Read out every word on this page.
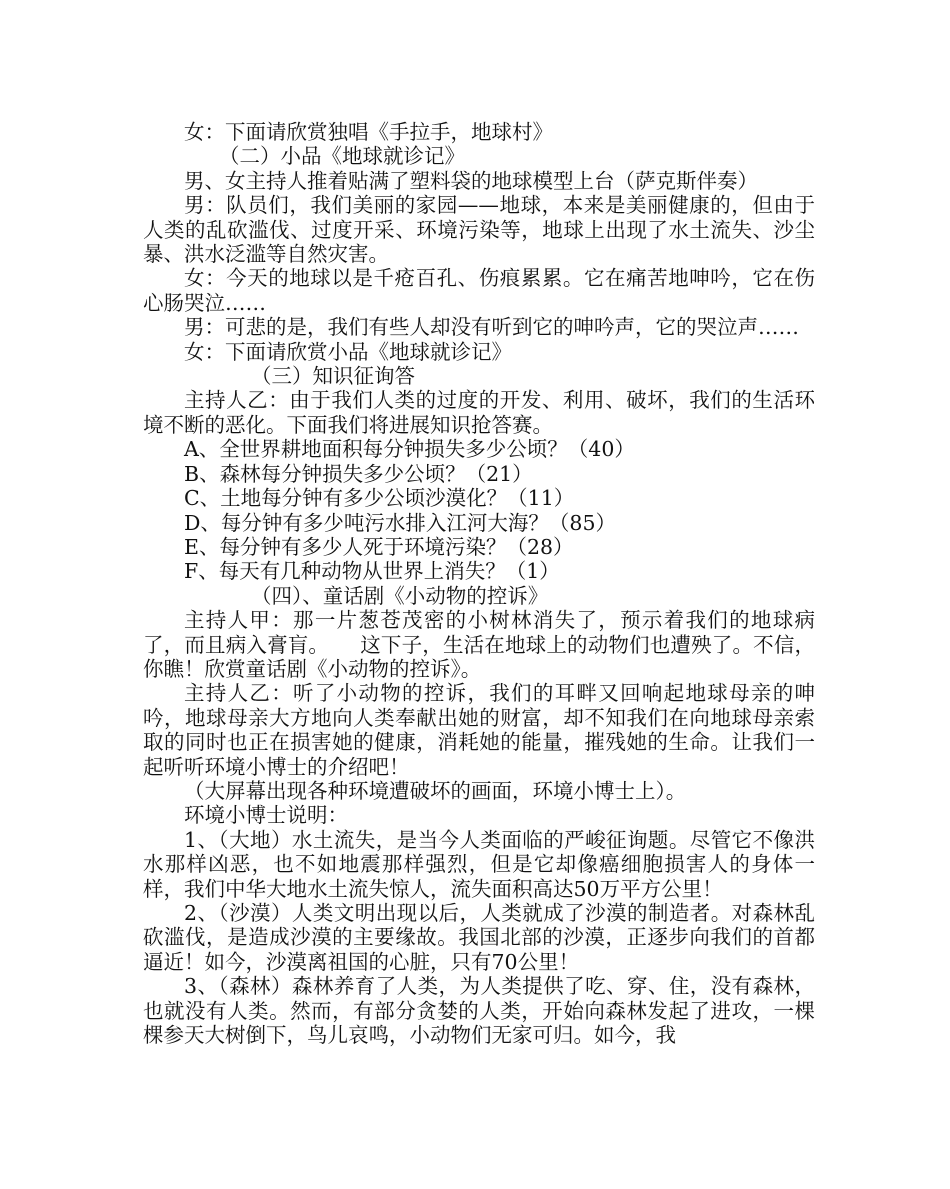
女：下面请欣赏独唱《手拉手，地球村》

（二）小品《地球就诊记》

男、女主持人推着贴满了塑料袋的地球模型上台（萨克斯伴奏）

男：队员们，我们美丽的家园——地球，本来是美丽健康的，但由于人类的乱砍滥伐、过度开采、环境污染等，地球上出现了水土流失、沙尘暴、洪水泛滥等自然灾害。

女：今天的地球以是千疮百孔、伤痕累累。它在痛苦地呻吟，它在伤心肠哭泣……

男：可悲的是，我们有些人却没有听到它的呻吟声，它的哭泣声……

女：下面请欣赏小品《地球就诊记》

（三）知识征询答

主持人乙：由于我们人类的过度的开发、利用、破坏，我们的生活环境不断的恶化。下面我们将进展知识抢答赛。

A、全世界耕地面积每分钟损失多少公顷？（40）

B、森林每分钟损失多少公顷？（21）

C、土地每分钟有多少公顷沙漠化？（11）

D、每分钟有多少吨污水排入江河大海？（85）

E、每分钟有多少人死于环境污染？（28）

F、每天有几种动物从世界上消失？（1）

（四）、童话剧《小动物的控诉》

主持人甲：那一片葱苍茂密的小树林消失了，预示着我们的地球病了，而且病入膏肓。　　这下子，生活在地球上的动物们也遭殃了。不信，你瞧！欣赏童话剧《小动物的控诉》。

主持人乙：听了小动物的控诉，我们的耳畔又回响起地球母亲的呻吟，地球母亲大方地向人类奉献出她的财富，却不知我们在向地球母亲索取的同时也正在损害她的健康，消耗她的能量，摧残她的生命。让我们一起听听环境小博士的介绍吧！

（大屏幕出现各种环境遭破坏的画面，环境小博士上）。

环境小博士说明：

1、（大地）水土流失，是当今人类面临的严峻征询题。尽管它不像洪水那样凶恶，也不如地震那样强烈，但是它却像癌细胞损害人的身体一样，我们中华大地水土流失惊人，流失面积高达50万平方公里！

2、（沙漠）人类文明出现以后，人类就成了沙漠的制造者。对森林乱砍滥伐，是造成沙漠的主要缘故。我国北部的沙漠，正逐步向我们的首都逼近！如今，沙漠离祖国的心脏，只有70公里！

3、（森林）森林养育了人类，为人类提供了吃、穿、住，没有森林，也就没有人类。然而，有部分贪婪的人类，开始向森林发起了进攻，一棵棵参天大树倒下，鸟儿哀鸣，小动物们无家可归。如今，我
